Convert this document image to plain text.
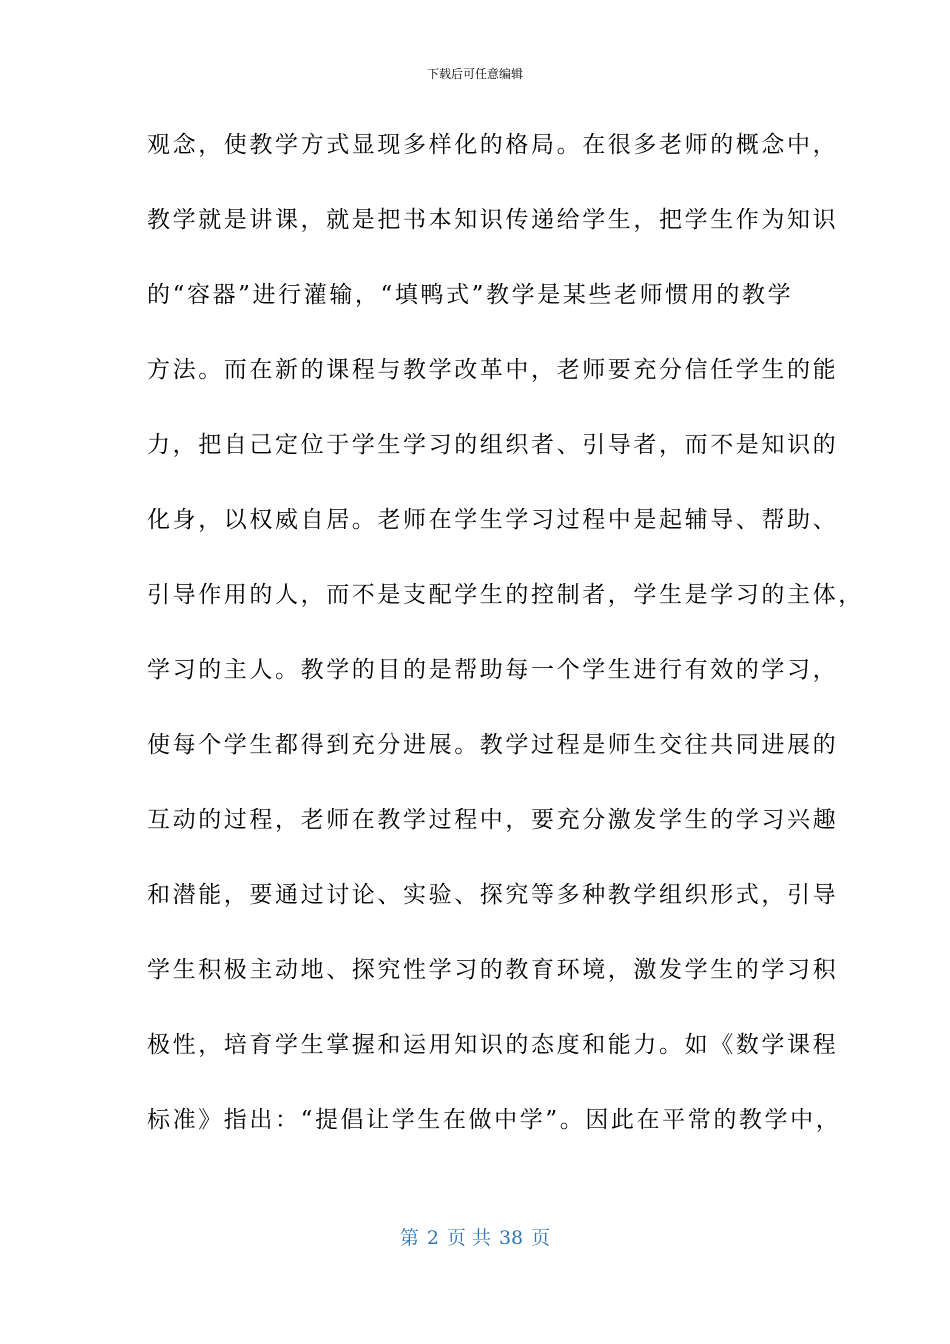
下载后可任意编辑
观念，使教学方式显现多样化的格局。在很多老师的概念中，
教学就是讲课，就是把书本知识传递给学生，把学生作为知识
的“容器”进行灌输，“填鸭式”教学是某些老师惯用的教学
方法。而在新的课程与教学改革中，老师要充分信任学生的能
力，把自己定位于学生学习的组织者、引导者，而不是知识的
化身，以权威自居。老师在学生学习过程中是起辅导、帮助、
引导作用的人，而不是支配学生的控制者，学生是学习的主体，
学习的主人。教学的目的是帮助每一个学生进行有效的学习，
使每个学生都得到充分进展。教学过程是师生交往共同进展的
互动的过程，老师在教学过程中，要充分激发学生的学习兴趣
和潜能，要通过讨论、实验、探究等多种教学组织形式，引导
学生积极主动地、探究性学习的教育环境，激发学生的学习积
极性，培育学生掌握和运用知识的态度和能力。如《数学课程
标准》指出：“提倡让学生在做中学”。因此在平常的教学中，
第 2 页 共 38 页
